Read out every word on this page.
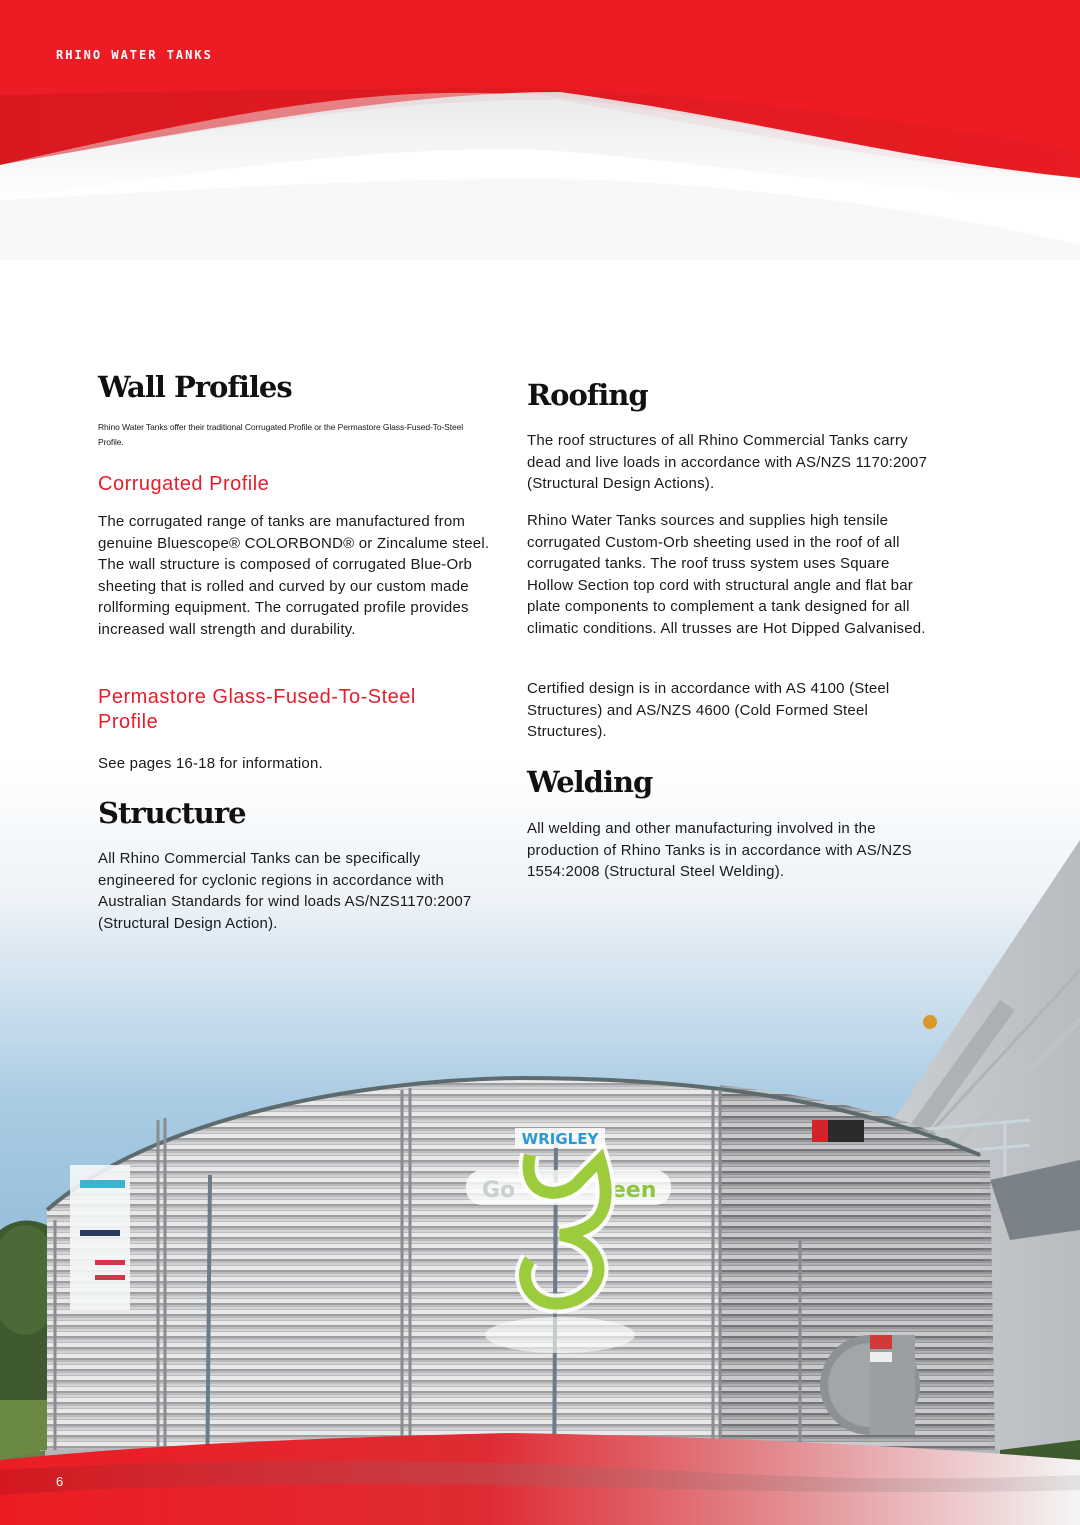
RHINO WATER TANKS
WRIGLEY
Go	reen
6
Wall Profiles

Rhino Water Tanks offer their traditional Corrugated Profile or the Permastore Glass-Fused-To-Steel Profile.

Corrugated Profile

The corrugated range of tanks are manufactured from genuine Bluescope® COLORBOND® or Zincalume steel. The wall structure is composed of corrugated Blue-Orb sheeting that is rolled and curved by our custom made rollforming equipment. The corrugated profile provides increased wall strength and durability.

Permastore Glass-Fused-To-Steel Profile

See pages 16-18 for information.

Structure

All Rhino Commercial Tanks can be specifically engineered for cyclonic regions in accordance with Australian Standards for wind loads AS/NZS1170:2007 (Structural Design Action).

Roofing

The roof structures of all Rhino Commercial Tanks carry dead and live loads in accordance with AS/NZS 1170:2007 (Structural Design Actions).

Rhino Water Tanks sources and supplies high tensile corrugated Custom-Orb sheeting used in the roof of all corrugated tanks. The roof truss system uses Square Hollow Section top cord with structural angle and flat bar plate components to complement a tank designed for all climatic conditions. All trusses are Hot Dipped Galvanised.

Certified design is in accordance with AS 4100 (Steel Structures) and AS/NZS 4600 (Cold Formed Steel Structures).

Welding

All welding and other manufacturing involved in the production of Rhino Tanks is in accordance with AS/NZS 1554:2008 (Structural Steel Welding).
